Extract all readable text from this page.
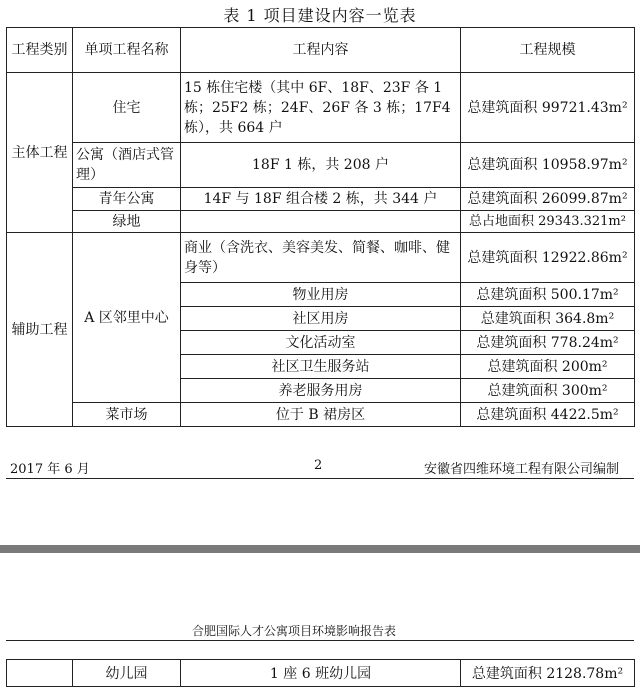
表 1 项目建设内容一览表
工程类别	单项工程名称	工程内容	工程规模
主体工程	住宅	15 栋住宅楼（其中 6F、18F、23F 各 1 栋；25F2 栋；24F、26F 各 3 栋；17F4 栋），共 664 户	总建筑面积 99721.43m²
	公寓（酒店式管理）	18F 1 栋，共 208 户	总建筑面积 10958.97m²
	青年公寓	14F 与 18F 组合楼 2 栋，共 344 户	总建筑面积 26099.87m²
	绿地		总占地面积 29343.321m²
辅助工程	A 区邻里中心	商业（含洗衣、美容美发、简餐、咖啡、健身等）	总建筑面积 12922.86m²
		物业用房	总建筑面积 500.17m²
		社区用房	总建筑面积 364.8m²
		文化活动室	总建筑面积 778.24m²
		社区卫生服务站	总建筑面积 200m²
		养老服务用房	总建筑面积 300m²
	菜市场	位于 B 裙房区	总建筑面积 4422.5m²
2017 年 6 月	2	安徽省四维环境工程有限公司编制
合肥国际人才公寓项目环境影响报告表
	幼儿园	1 座 6 班幼儿园	总建筑面积 2128.78m²
